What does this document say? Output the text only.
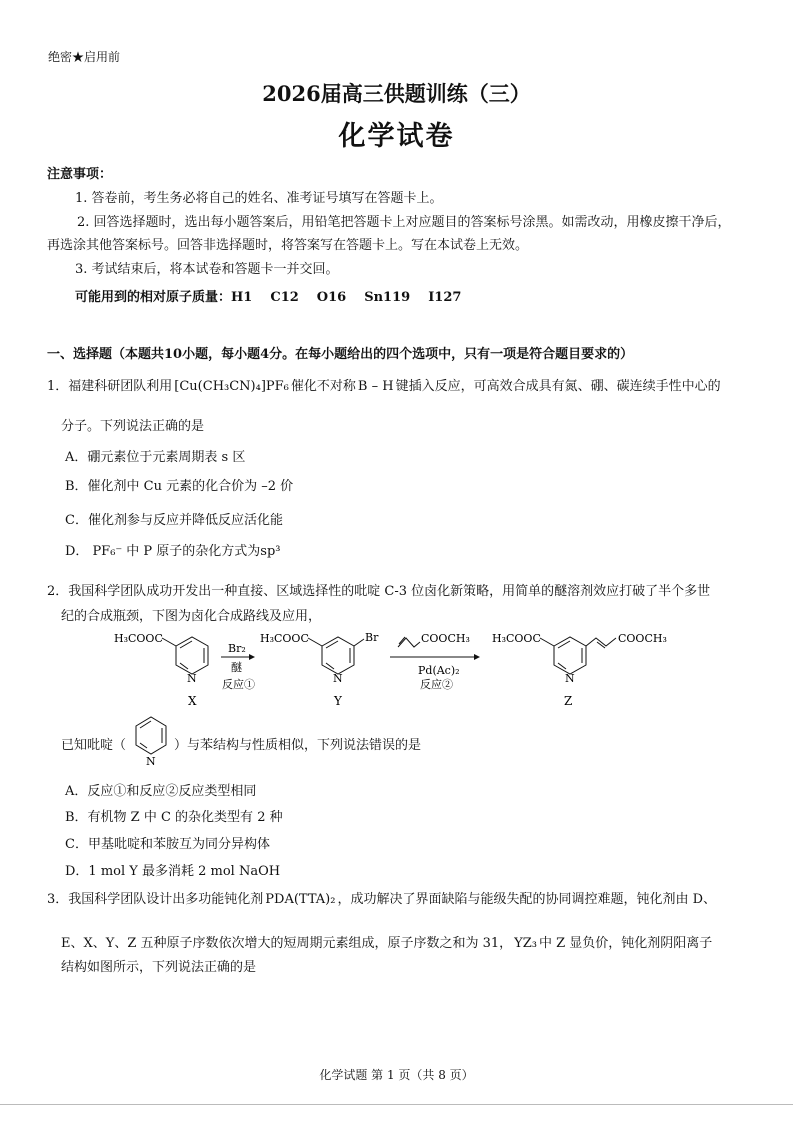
绝密★启用前
2026届高三供题训练（三）
化学试卷
注意事项：
1. 答卷前，考生务必将自己的姓名、准考证号填写在答题卡上。
2. 回答选择题时，选出每小题答案后，用铅笔把答题卡上对应题目的答案标号涂黑。如需改动，用橡皮擦干净后，
再选涂其他答案标号。回答非选择题时，将答案写在答题卡上。写在本试卷上无效。
3. 考试结束后，将本试卷和答题卡一并交回。
可能用到的相对原子质量：H1 C12 O16 Sn119 I127
一、选择题（本题共10小题，每小题4分。在每小题给出的四个选项中，只有一项是符合题目要求的）
1．福建科研团队利用 [Cu(CH₃CN)₄]PF₆ 催化不对称 B – H 键插入反应，可高效合成具有氮、硼、碳连续手性中心的
分子。下列说法正确的是
A．硼元素位于元素周期表 s 区
B．催化剂中 Cu 元素的化合价为 –2 价
C．催化剂参与反应并降低反应活化能
D． PF₆⁻ 中 P 原子的杂化方式为sp³
2．我国科学团队成功开发出一种直接、区域选择性的吡啶 C-3 位卤化新策略，用简单的醚溶剂效应打破了半个多世
纪的合成瓶颈，下图为卤化合成路线及应用，
H₃COOC
N
X
Br₂
醚
反应①
H₃COOC	Br
N
Y
COOCH₃
Pd(Ac)₂
反应②
H₃COOC	COOCH₃
N
Z
已知吡啶（
N
）与苯结构与性质相似，下列说法错误的是
A．反应①和反应②反应类型相同
B．有机物 Z 中 C 的杂化类型有 2 种
C．甲基吡啶和苯胺互为同分异构体
D．1 mol Y 最多消耗 2 mol NaOH
3．我国科学团队设计出多功能钝化剂 PDA(TTA)₂ ，成功解决了界面缺陷与能级失配的协同调控难题，钝化剂由 D、
E、X、Y、Z 五种原子序数依次增大的短周期元素组成，原子序数之和为 31， YZ₃ 中 Z 显负价，钝化剂阴阳离子
结构如图所示，下列说法正确的是
化学试题 第 1 页（共 8 页）
